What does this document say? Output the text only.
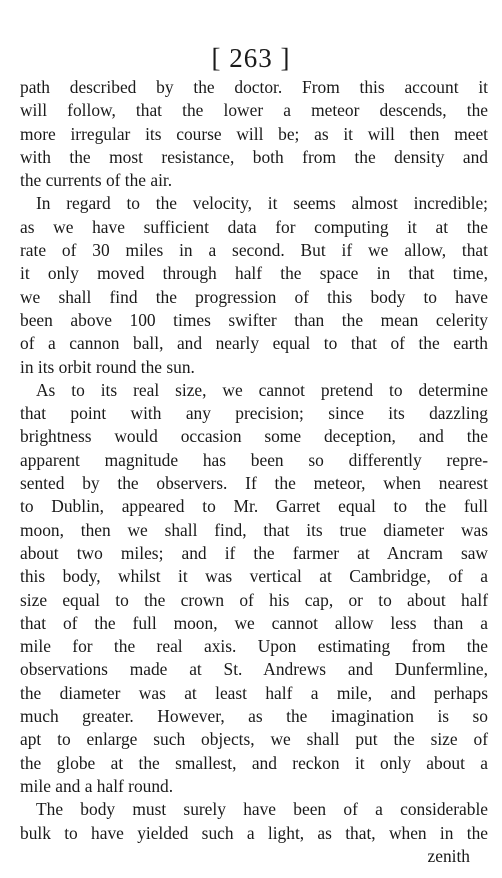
[ 263 ]
path described by the doctor. From this account it
will follow, that the lower a meteor descends, the
more irregular its course will be; as it will then meet
with the most resistance, both from the density and
the currents of the air.
In regard to the velocity, it seems almost incredible;
as we have sufficient data for computing it at the
rate of 30 miles in a second. But if we allow, that
it only moved through half the space in that time,
we shall find the progression of this body to have
been above 100 times swifter than the mean celerity
of a cannon ball, and nearly equal to that of the earth
in its orbit round the sun.
As to its real size, we cannot pretend to determine
that point with any precision; since its dazzling
brightness would occasion some deception, and the
apparent magnitude has been so differently repre-
sented by the observers. If the meteor, when nearest
to Dublin, appeared to Mr. Garret equal to the full
moon, then we shall find, that its true diameter was
about two miles; and if the farmer at Ancram saw
this body, whilst it was vertical at Cambridge, of a
size equal to the crown of his cap, or to about half
that of the full moon, we cannot allow less than a
mile for the real axis. Upon estimating from the
observations made at St. Andrews and Dunfermline,
the diameter was at least half a mile, and perhaps
much greater. However, as the imagination is so
apt to enlarge such objects, we shall put the size of
the globe at the smallest, and reckon it only about a
mile and a half round.
The body must surely have been of a considerable
bulk to have yielded such a light, as that, when in the
zenith
